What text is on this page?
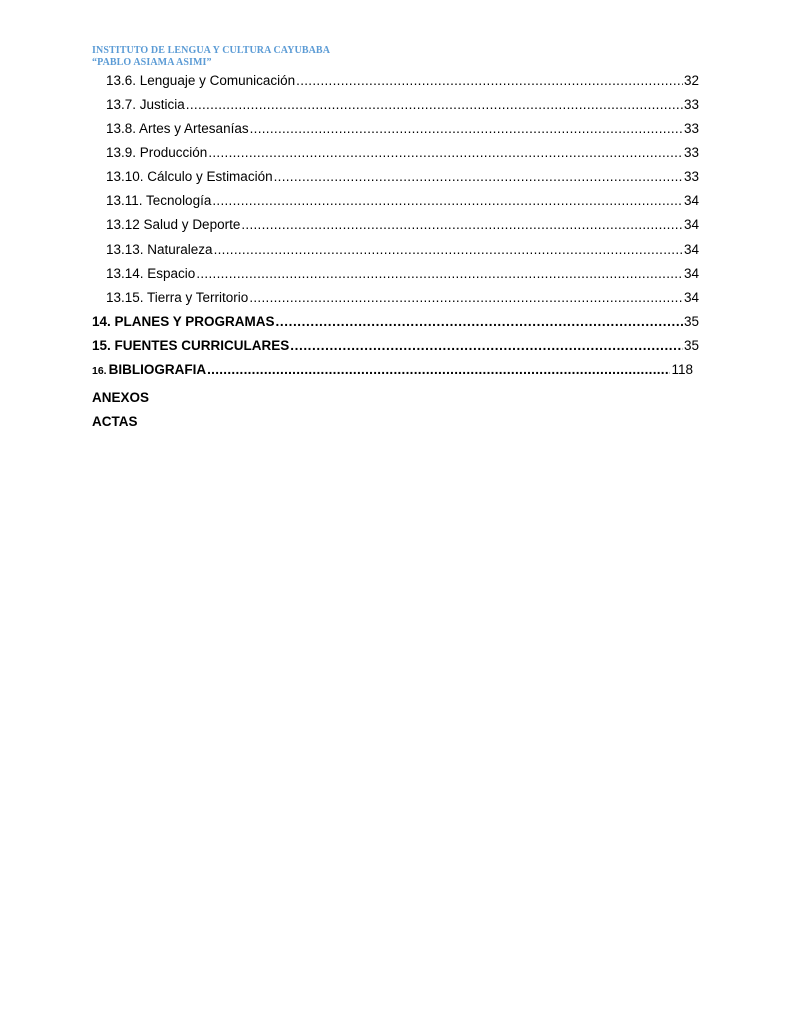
INSTITUTO DE LENGUA Y CULTURA CAYUBABA
“PABLO ASIAMA ASIMI”
13.6. Lenguaje y Comunicación .....	32
13.7. Justicia .....	33
13.8. Artes y Artesanías .....	33
13.9. Producción .....	33
13.10. Cálculo y Estimación .....	33
13.11. Tecnología .....	34
13.12 Salud y Deporte .....	34
13.13. Naturaleza .....	34
13.14. Espacio .....	34
13.15. Tierra y Territorio .....	34
14. PLANES Y PROGRAMAS .....	35
15. FUENTES CURRICULARES .....	35
16. BIBLIOGRAFIA .....	118
ANEXOS
ACTAS
